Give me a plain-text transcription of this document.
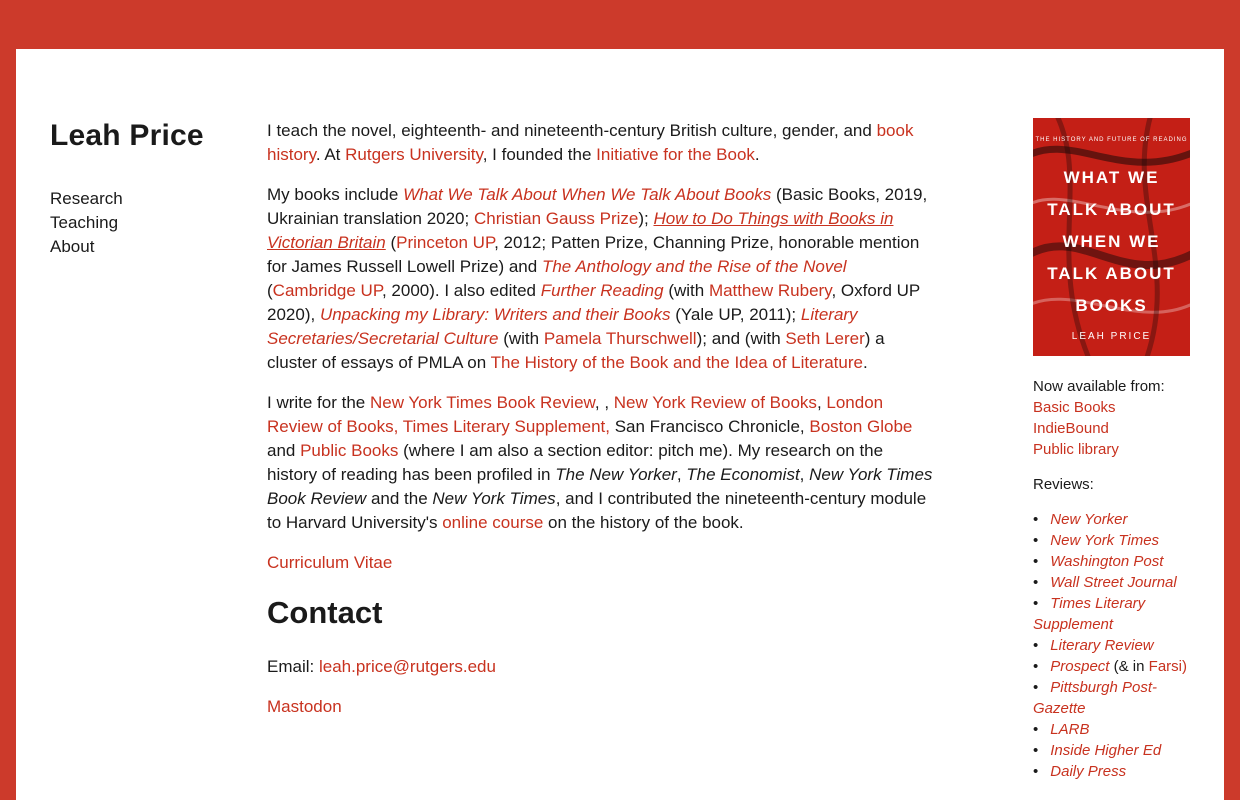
Leah Price
Research
Teaching
About

I teach the novel, eighteenth- and nineteenth-century British culture, gender, and book history. At Rutgers University, I founded the Initiative for the Book.

My books include What We Talk About When We Talk About Books (Basic Books, 2019, Ukrainian translation 2020; Christian Gauss Prize); How to Do Things with Books in Victorian Britain (Princeton UP, 2012; Patten Prize, Channing Prize, honorable mention for James Russell Lowell Prize) and The Anthology and the Rise of the Novel (Cambridge UP, 2000). I also edited Further Reading (with Matthew Rubery, Oxford UP 2020), Unpacking my Library: Writers and their Books (Yale UP, 2011); Literary Secretaries/Secretarial Culture (with Pamela Thurschwell); and (with Seth Lerer) a cluster of essays of PMLA on The History of the Book and the Idea of Literature.

I write for the New York Times Book Review, , New York Review of Books, London Review of Books, Times Literary Supplement, San Francisco Chronicle, Boston Globe and Public Books (where I am also a section editor: pitch me). My research on the history of reading has been profiled in The New Yorker, The Economist, New York Times Book Review and the New York Times, and I contributed the nineteenth-century module to Harvard University's online course on the history of the book.

Curriculum Vitae

Contact

Email: leah.price@rutgers.edu

Mastodon

THE HISTORY AND FUTURE OF READING
WHAT WE
TALK ABOUT
WHEN WE
TALK ABOUT
BOOKS
LEAH PRICE
Now available from:
Basic Books
IndieBound
Public library
Reviews:
• New Yorker
• New York Times
• Washington Post
• Wall Street Journal
• Times Literary Supplement
• Literary Review
• Prospect (& in Farsi)
• Pittsburgh Post-Gazette
• LARB
• Inside Higher Ed
• Daily Press
